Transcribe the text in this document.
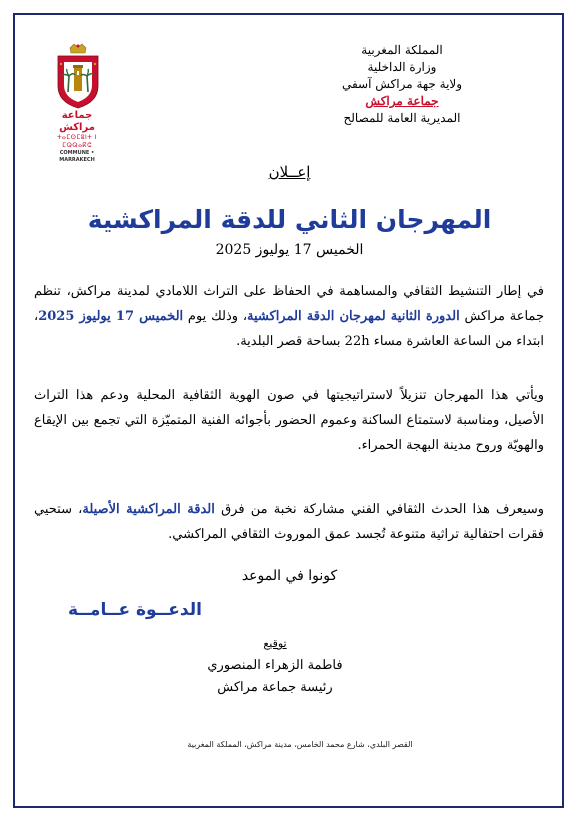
جماعة مراكش
ⵜⴰⵎⵙⵎⵓⵏⵜ ⵏ ⵎⵕⵕⴰⴽⵛ
COMMUNE • MARRAKECH
المملكة المغربية
وزارة الداخلية
ولاية جهة مراكش آسفي
جماعة مراكش
المديرية العامة للمصالح
إعــلان
المهرجان الثاني للدقة المراكشية
الخميس 17 يوليوز 2025
في إطار التنشيط الثقافي والمساهمة في الحفاظ على التراث اللامادي لمدينة مراكش، تنظم جماعة مراكش الدورة الثانية لمهرجان الدقة المراكشية، وذلك يوم الخميس 17 يوليوز 2025، ابتداء من الساعة العاشرة مساء 22h بساحة قصر البلدية.
ويأتي هذا المهرجان تنزيلاً لاستراتيجيتها في صون الهوية الثقافية المحلية ودعم هذا التراث الأصيل، ومناسبة لاستمتاع الساكنة وعموم الحضور بأجوائه الفنية المتميّزة التي تجمع بين الإيقاع والهويّة وروح مدينة البهجة الحمراء.
وسيعرف هذا الحدث الثقافي الفني مشاركة نخبة من فرق الدقة المراكشية الأصيلة، ستحيي فقرات احتفالية تراثية متنوعة تُجسد عمق الموروث الثقافي المراكشي.
كونوا في الموعد
الدعــوة عــامــة
توقيع
فاطمة الزهراء المنصوري
رئيسة جماعة مراكش
القصر البلدي، شارع محمد الخامس، مدينة مراكش، المملكة المغربية
